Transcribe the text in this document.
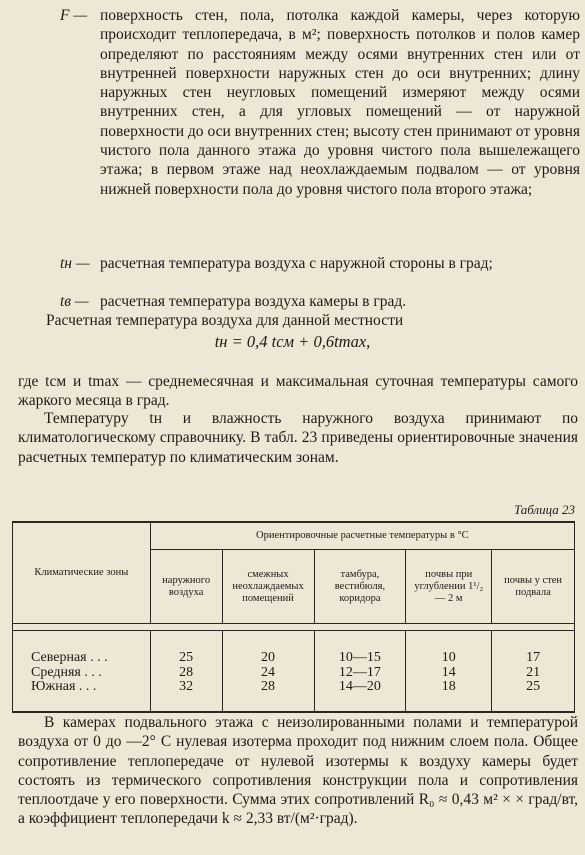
F — поверхность стен, пола, потолка каждой камеры, через которую происходит теплопередача, в м²; поверхность потолков и полов камер определяют по расстояниям между осями внутренних стен или от внутренней поверхности наружных стен до оси внутренних; длину наружных стен неугловых помещений измеряют между осями внутренних стен, а для угловых помещений — от наружной поверхности до оси внутренних стен; высоту стен принимают от уровня чистого пола данного этажа до уровня чистого пола вышележащего этажа; в первом этаже над неохлаждаемым подвалом — от уровня нижней поверхности пола до уровня чистого пола второго этажа;
tн — расчетная температура воздуха с наружной стороны в град;
tв — расчетная температура воздуха камеры в град.

Расчетная температура воздуха для данной местности

tн = 0,4 tсм + 0,6tmax,

где tсм и tmax — среднемесячная и максимальная суточная температуры самого жаркого месяца в град.

Температуру tн и влажность наружного воздуха принимают по климатологическому справочнику. В табл. 23 приведены ориентировочные значения расчетных температур по климатическим зонам.

Таблица 23
Климатические зоны	Ориентировочные расчетные температуры в °С				
	наружного воздуха	смежных неохлаждаемых помещений	тамбура, вестибюля, коридора	почвы при углублении 1¹/₂ — 2 м	почвы у стен подвала

Северная . . .	25	20	10—15	10	17
Средняя . . .	28	24	12—17	14	21
Южная . . .	32	28	14—20	18	25

В камерах подвального этажа с неизолированными полами и температурой воздуха от 0 до —2° С нулевая изотерма проходит под нижним слоем пола. Общее сопротивление теплопередаче от нулевой изотермы к воздуху камеры будет состоять из термического сопротивления конструкции пола и сопротивления теплоотдаче у его поверхности. Сумма этих сопротивлений R₀ ≈ 0,43 м² × × град/вт, а коэффициент теплопередачи k ≈ 2,33 вт/(м²·град).
